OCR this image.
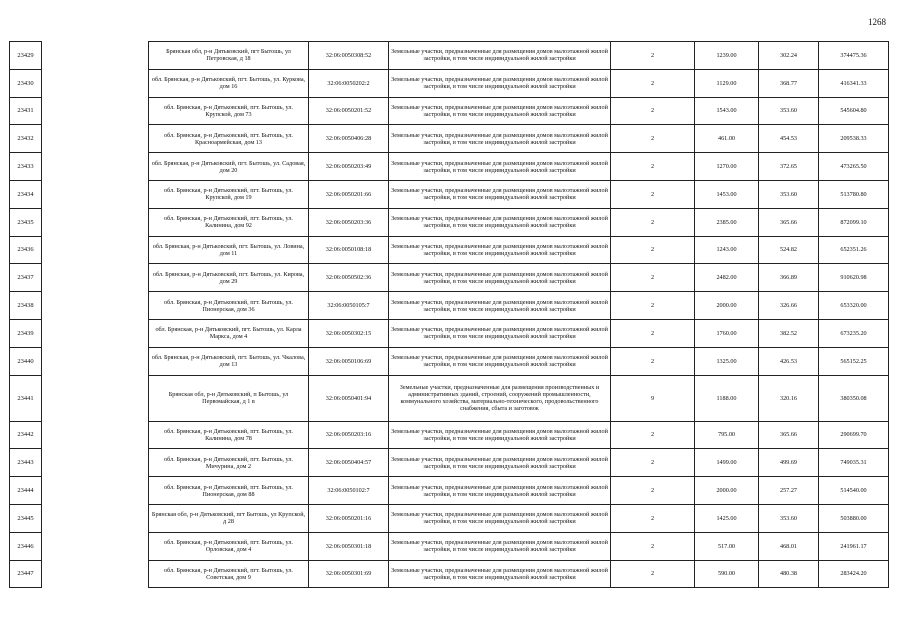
1268
23429		Брянская обл, р-н Дятьковский, пгт Бытошь, ул Петровская, д 18	32:06:0050308:52	Земельные участки, предназначенные для размещения домов малоэтажной жилой застройки, в том числе индивидуальной жилой застройки	2	1239.00	302.24	374475.36
23430		обл. Брянская, р-н Дятьковский, пгт. Бытошь, ул. Куркова, дом 16	32:06:0050202:2	Земельные участки, предназначенные для размещения домов малоэтажной жилой застройки, в том числе индивидуальной жилой застройки	2	1129.00	368.77	416341.33
23431		обл. Брянская, р-н Дятьковский, пгт. Бытошь, ул. Крупской, дом 73	32:06:0050201:52	Земельные участки, предназначенные для размещения домов малоэтажной жилой застройки, в том числе индивидуальной жилой застройки	2	1543.00	353.60	545604.80
23432		обл. Брянская, р-н Дятьковский, пгт. Бытошь, ул. Красноармейская, дом 13	32:06:0050406:28	Земельные участки, предназначенные для размещения домов малоэтажной жилой застройки, в том числе индивидуальной жилой застройки	2	461.00	454.53	209538.33
23433		обл. Брянская, р-н Дятьковский, пгт. Бытошь, ул. Садовая, дом 20	32:06:0050203:49	Земельные участки, предназначенные для размещения домов малоэтажной жилой застройки, в том числе индивидуальной жилой застройки	2	1270.00	372.65	473265.50
23434		обл. Брянская, р-н Дятьковский, пгт. Бытошь, ул. Крупской, дом 19	32:06:0050201:66	Земельные участки, предназначенные для размещения домов малоэтажной жилой застройки, в том числе индивидуальной жилой застройки	2	1453.00	353.60	513780.80
23435		обл. Брянская, р-н Дятьковский, пгт. Бытошь, ул. Калинина, дом 92	32:06:0050203:36	Земельные участки, предназначенные для размещения домов малоэтажной жилой застройки, в том числе индивидуальной жилой застройки	2	2385.00	365.66	872099.10
23436		обл. Брянская, р-н Дятьковский, пгт. Бытошь, ул. Ловина, дом 11	32:06:0050108:18	Земельные участки, предназначенные для размещения домов малоэтажной жилой застройки, в том числе индивидуальной жилой застройки	2	1243.00	524.82	652351.26
23437		обл. Брянская, р-н Дятьковский, пгт. Бытошь, ул. Кирова, дом 29	32:06:0050502:36	Земельные участки, предназначенные для размещения домов малоэтажной жилой застройки, в том числе индивидуальной жилой застройки	2	2482.00	366.89	910620.98
23438		обл. Брянская, р-н Дятьковский, пгт. Бытошь, ул. Пионерская, дом 36	32:06:0050105:7	Земельные участки, предназначенные для размещения домов малоэтажной жилой застройки, в том числе индивидуальной жилой застройки	2	2000.00	326.66	653320.00
23439		обл. Брянская, р-н Дятьковский, пгт. Бытошь, ул. Карла Маркса, дом 4	32:06:0050302:15	Земельные участки, предназначенные для размещения домов малоэтажной жилой застройки, в том числе индивидуальной жилой застройки	2	1760.00	382.52	673235.20
23440		обл. Брянская, р-н Дятьковский, пгт. Бытошь, ул. Чкалова, дом 13	32:06:0050106:69	Земельные участки, предназначенные для размещения домов малоэтажной жилой застройки, в том числе индивидуальной жилой застройки	2	1325.00	426.53	565152.25
23441		Брянская обл, р-н Дятьковский, п Бытошь, ул Первомайская, д 1 в	32:06:0050401:94	Земельные участки, предназначенные для размещения производственных и административных зданий, строений, сооружений промышленности, коммунального хозяйства, материально-технического, продовольственного снабжения, сбыта и заготовок	9	1188.00	320.16	380350.08
23442		обл. Брянская, р-н Дятьковский, пгт. Бытошь, ул. Калинина, дом 78	32:06:0050203:16	Земельные участки, предназначенные для размещения домов малоэтажной жилой застройки, в том числе индивидуальной жилой застройки	2	795.00	365.66	290699.70
23443		обл. Брянская, р-н Дятьковский, пгт. Бытошь, ул. Мичурина, дом 2	32:06:0050404:57	Земельные участки, предназначенные для размещения домов малоэтажной жилой застройки, в том числе индивидуальной жилой застройки	2	1499.00	499.69	749035.31
23444		обл. Брянская, р-н Дятьковский, пгт. Бытошь, ул. Пионерская, дом 88	32:06:0050102:7	Земельные участки, предназначенные для размещения домов малоэтажной жилой застройки, в том числе индивидуальной жилой застройки	2	2000.00	257.27	514540.00
23445		Брянская обл, р-н Дятьковский, пгт Бытошь, ул Крупской, д 28	32:06:0050201:16	Земельные участки, предназначенные для размещения домов малоэтажной жилой застройки, в том числе индивидуальной жилой застройки	2	1425.00	353.60	503880.00
23446		обл. Брянская, р-н Дятьковский, пгт. Бытошь, ул. Орловская, дом 4	32:06:0050301:18	Земельные участки, предназначенные для размещения домов малоэтажной жилой застройки, в том числе индивидуальной жилой застройки	2	517.00	468.01	241961.17
23447		обл. Брянская, р-н Дятьковский, пгт. Бытошь, ул. Советская, дом 9	32:06:0050301:69	Земельные участки, предназначенные для размещения домов малоэтажной жилой застройки, в том числе индивидуальной жилой застройки	2	590.00	480.38	283424.20
